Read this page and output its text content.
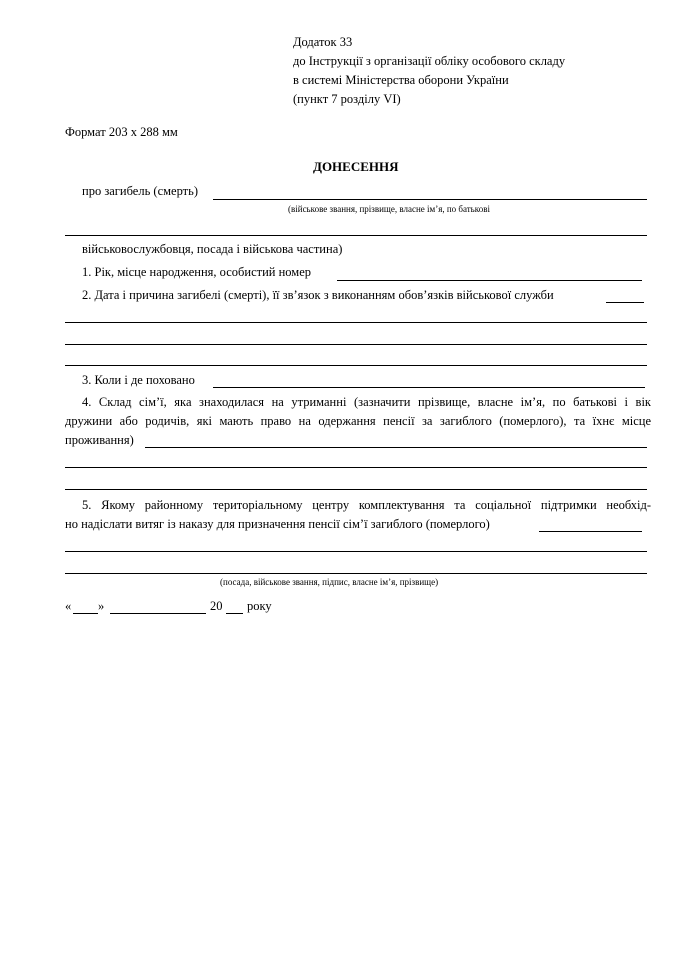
Додаток 33
до Інструкції з організації обліку особового складу
в системі Міністерства оборони України
(пункт 7 розділу VI)
Формат 203 х 288 мм
ДОНЕСЕННЯ
про загибель (смерть)
(військове звання, прізвище, власне ім’я, по батькові
військовослужбовця, посада і військова частина)
1. Рік, місце народження, особистий номер
2. Дата і причина загибелі (смерті), її зв’язок з виконанням обов’язків військової служби
3. Коли і де поховано
4. Склад сім’ї, яка знаходилася на утриманні (зазначити прізвище, власне ім’я, по батькові і вік
дружини або родичів, які мають право на одержання пенсії за загиблого (померлого), та їхнє місце
проживання)
5. Якому районному територіальному центру комплектування та соціальної підтримки необхід-
но надіслати витяг із наказу для призначення пенсії сім’ї загиблого (померлого)
(посада, військове звання, підпис, власне ім’я, прізвище)
« »	20 року
